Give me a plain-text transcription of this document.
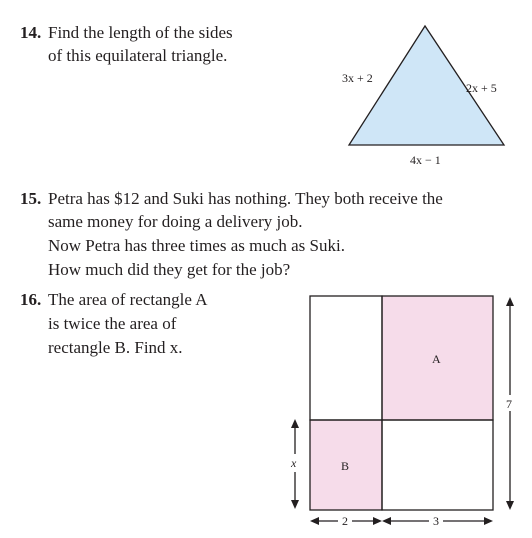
14. Find the length of the sides
of this equilateral triangle.
15. Petra has $12 and Suki has nothing. They both receive the
same money for doing a delivery job.
Now Petra has three times as much as Suki.
How much did they get for the job?
16. The area of rectangle A
is twice the area of
rectangle B. Find x.
3x + 2
2x + 5
4x − 1
A
B
x
7
2	3
